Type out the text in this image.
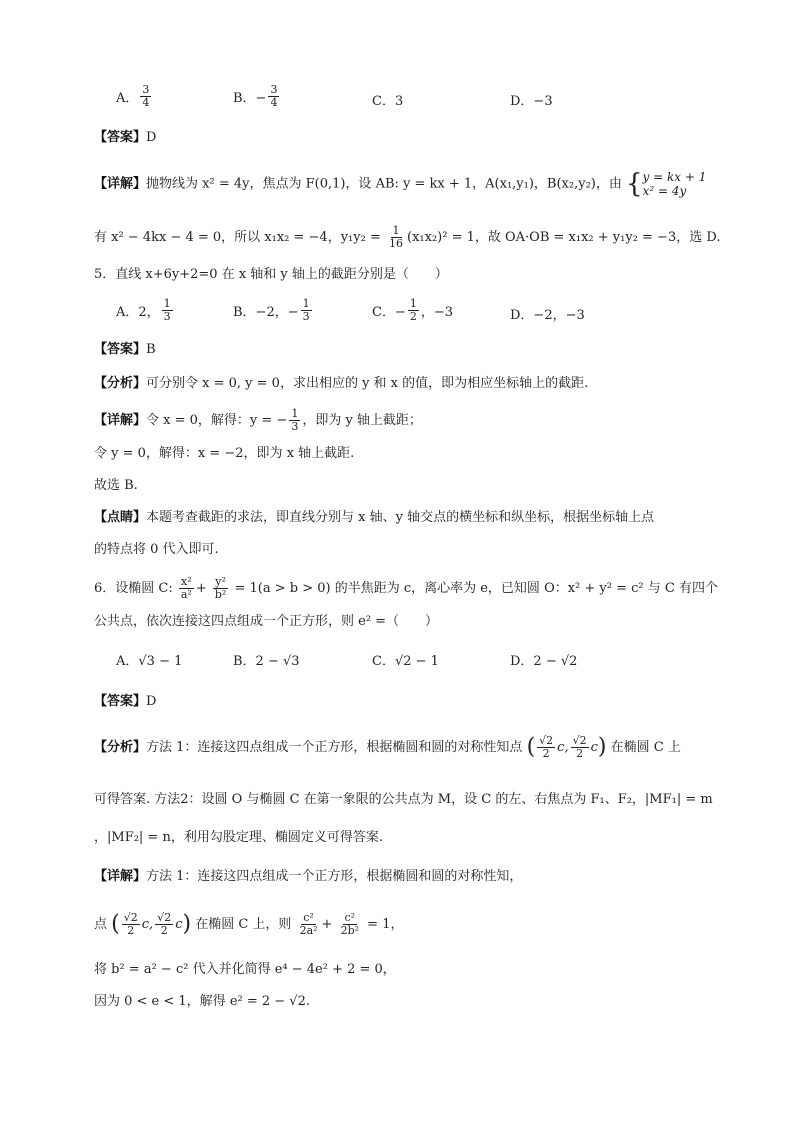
A． $\frac{3}{4}$	B．− $\frac{3}{4}$	C．3	D．−3
【答案】D
【详解】抛物线为 x² = 4y，焦点为 F(0,1)，设 AB: y = kx + 1，A(x₁,y₁)，B(x₂,y₂)，由 { y = kx + 1
x² = 4y
有 x² − 4kx − 4 = 0，所以 x₁x₂ = −4，$y_1y_2 = \frac{1}{16} (x_1x_2)^2 = 1$，故 OA·OB = x₁x₂ + y₁y₂ = −3，选 D.
5．直线 x+6y+2=0 在 x 轴和 y 轴上的截距分别是（　　）
A．2， $\frac{1}{3}$	B．−2，− $\frac{1}{3}$	C．− $\frac{1}{2}$ ，−3	D．−2，−3
【答案】B
【分析】可分别令 x = 0, y = 0，求出相应的 y 和 x 的值，即为相应坐标轴上的截距.
【详解】令 x = 0，解得：y = − $\frac{1}{3}$ ，即为 y 轴上截距；
令 y = 0，解得：x = −2，即为 x 轴上截距.
故选 B.
【点睛】本题考查截距的求法，即直线分别与 x 轴、y 轴交点的横坐标和纵坐标，根据坐标轴上点
的特点将 0 代入即可.
6．设椭圆 C: $\frac{\text{x²}}{\text{a²}} + \frac{\text{y²}}{\text{b²}} = 1(a > b > 0)$ 的半焦距为 c，离心率为 e，已知圆 O：x² + y² = c² 与 C 有四个
公共点，依次连接这四点组成一个正方形，则 e² =（　　）
A．√3 − 1	B．2 − √3	C．√2 − 1	D．2 − √2
【答案】D
【分析】方法 1：连接这四点组成一个正方形，根据椭圆和圆的对称性知点 ( $\frac{√2}{2} c$, $\frac{√2}{2} c$) 在椭圆 C 上
可得答案. 方法2：设圆 O 与椭圆 C 在第一象限的公共点为 M，设 C 的左、右焦点为 F₁、F₂，|MF₁| = m
，|MF₂| = n，利用勾股定理、椭圆定义可得答案.
【详解】方法 1：连接这四点组成一个正方形，根据椭圆和圆的对称性知，
点 ( $\frac{√2}{2} c$, $\frac{√2}{2} c$) 在椭圆 C 上，则 $\frac{\text{c²}}{\text{2a²}} + \frac{\text{c²}}{\text{2b²}} = 1$，
将 b² = a² − c² 代入并化简得 e⁴ − 4e² + 2 = 0，
因为 0 < e < 1，解得 e² = 2 − √2.
